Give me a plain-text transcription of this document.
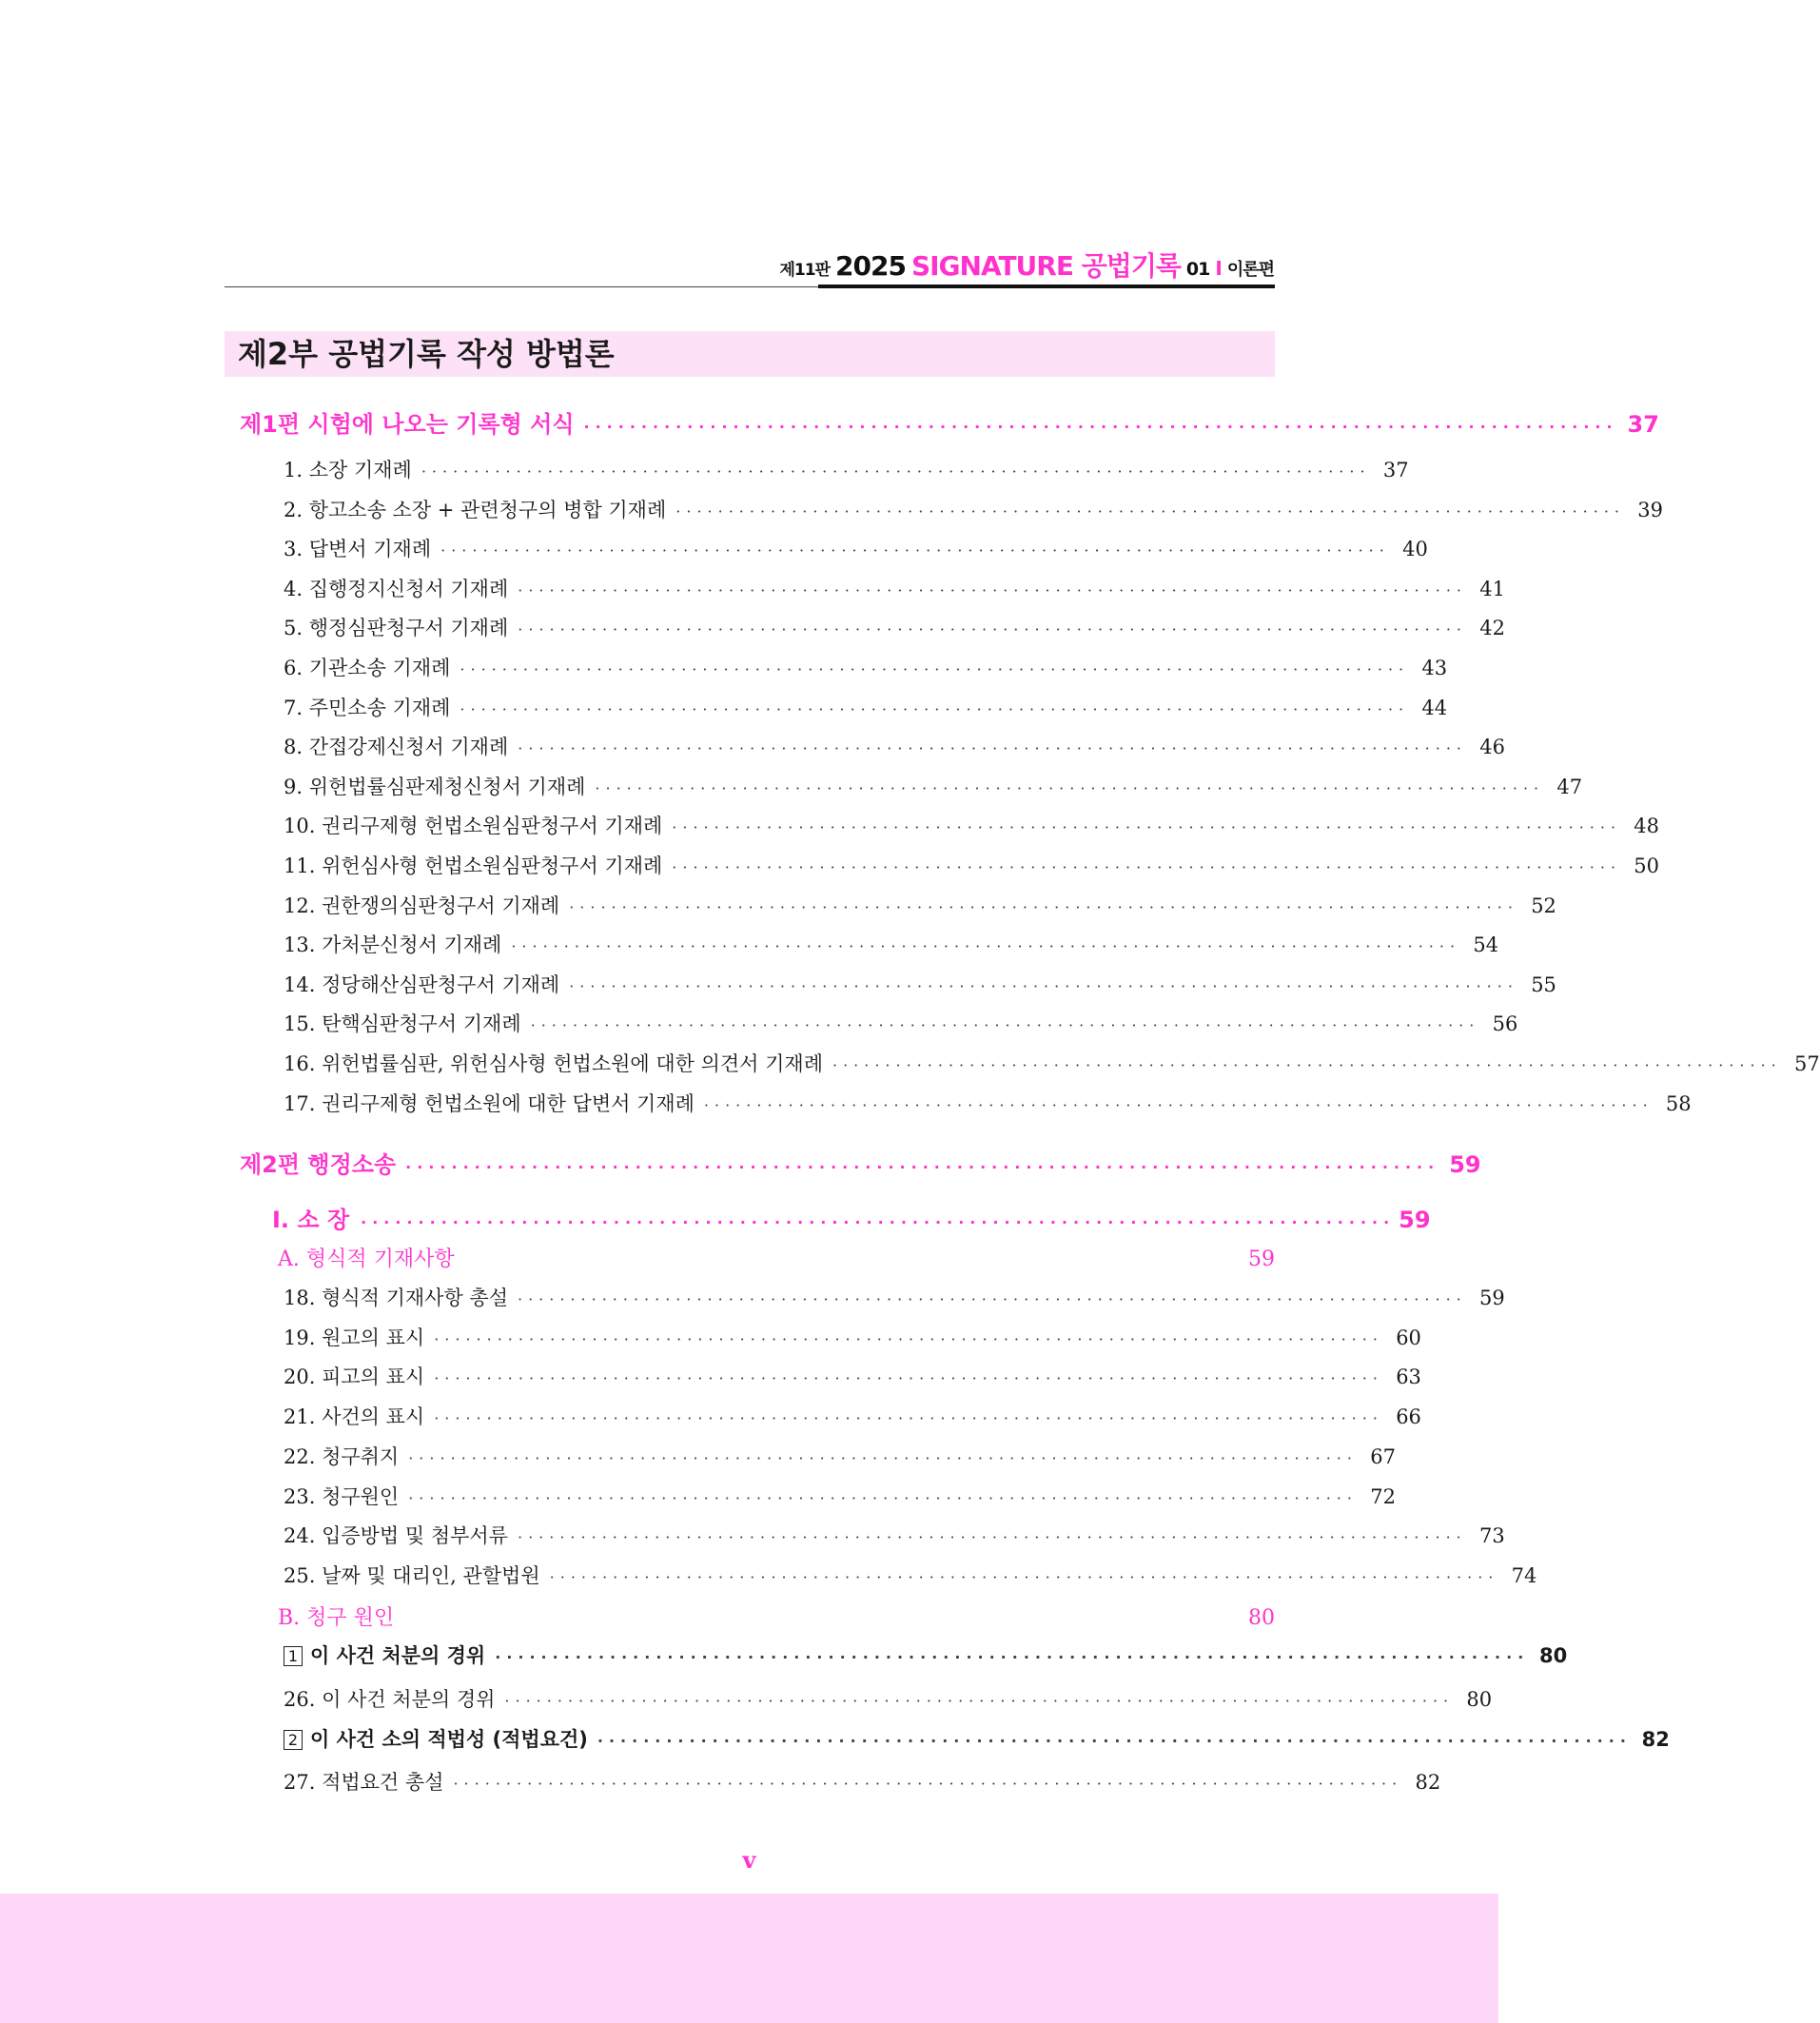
제11판 2025 SIGNATURE 공법기록 01 I 이론편
제2부 공법기록 작성 방법론
제1편 시험에 나오는 기록형 서식 ·························································································· 37
1. 소장 기재례 ·························································································· 37
2. 항고소송 소장 + 관련청구의 병합 기재례 ·························································································· 39
3. 답변서 기재례 ·························································································· 40
4. 집행정지신청서 기재례 ·························································································· 41
5. 행정심판청구서 기재례 ·························································································· 42
6. 기관소송 기재례 ·························································································· 43
7. 주민소송 기재례 ·························································································· 44
8. 간접강제신청서 기재례 ·························································································· 46
9. 위헌법률심판제청신청서 기재례 ·························································································· 47
10. 권리구제형 헌법소원심판청구서 기재례 ·························································································· 48
11. 위헌심사형 헌법소원심판청구서 기재례 ·························································································· 50
12. 권한쟁의심판청구서 기재례 ·························································································· 52
13. 가처분신청서 기재례 ·························································································· 54
14. 정당해산심판청구서 기재례 ·························································································· 55
15. 탄핵심판청구서 기재례 ·························································································· 56
16. 위헌법률심판, 위헌심사형 헌법소원에 대한 의견서 기재례 ·························································································· 57
17. 권리구제형 헌법소원에 대한 답변서 기재례 ·························································································· 58
제2편 행정소송 ·························································································· 59
Ⅰ. 소 장 ·························································································· 59
A. 형식적 기재사항	59
18. 형식적 기재사항 총설 ·························································································· 59
19. 원고의 표시 ·························································································· 60
20. 피고의 표시 ·························································································· 63
21. 사건의 표시 ·························································································· 66
22. 청구취지 ·························································································· 67
23. 청구원인 ·························································································· 72
24. 입증방법 및 첨부서류 ·························································································· 73
25. 날짜 및 대리인, 관할법원 ·························································································· 74
B. 청구 원인	80
1 이 사건 처분의 경위 ·························································································· 80
26. 이 사건 처분의 경위 ·························································································· 80
2 이 사건 소의 적법성 (적법요건) ·························································································· 82
27. 적법요건 총설 ·························································································· 82
v
